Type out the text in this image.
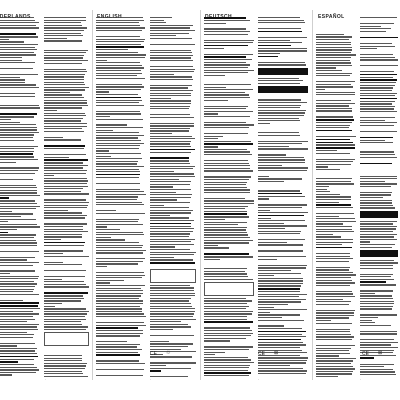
ESPAÑOL
·	·	·	·
CE ♲	CE ⊠	CE ⊠
